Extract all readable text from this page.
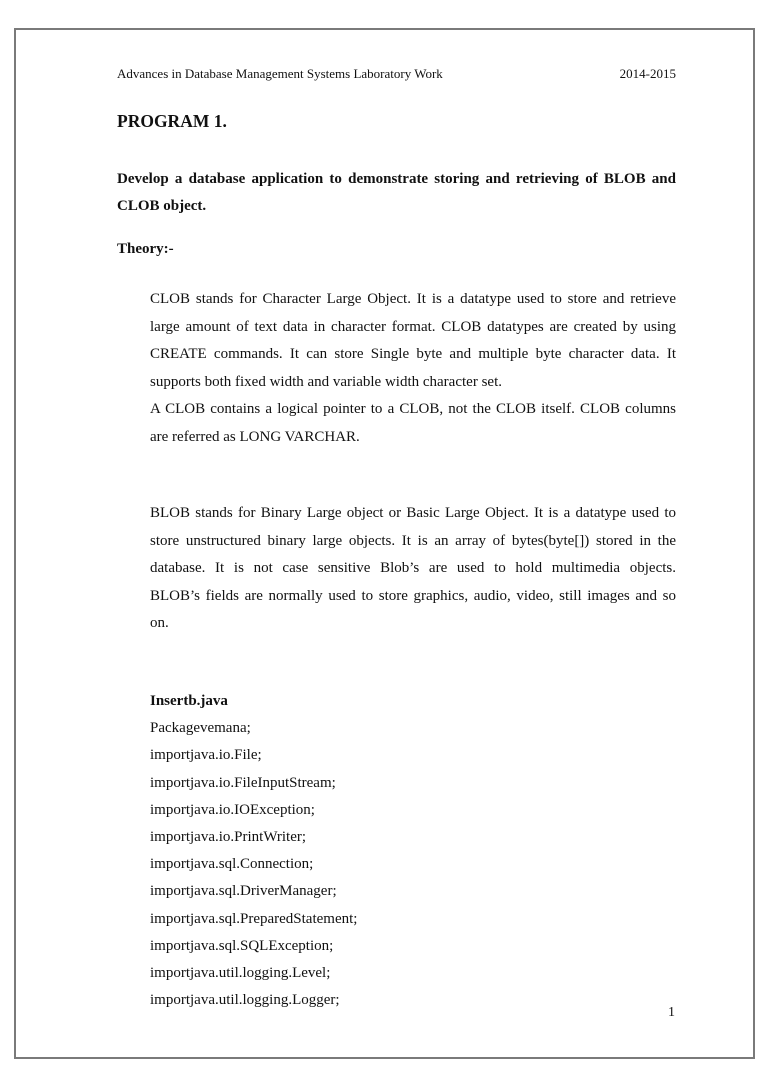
Advances in Database Management Systems Laboratory Work	2014-2015
PROGRAM 1.
Develop a database application to demonstrate storing and retrieving of BLOB and
CLOB object.
Theory:-
CLOB stands for Character Large Object. It is a datatype used to store and retrieve
large amount of text data in character format. CLOB datatypes are created by using
CREATE commands. It can store Single byte and multiple byte character data. It
supports both fixed width and variable width character set.
A CLOB contains a logical pointer to a CLOB, not the CLOB itself. CLOB columns
are referred as LONG VARCHAR.
BLOB stands for Binary Large object or Basic Large Object. It is a datatype used to
store unstructured binary large objects. It is an array of bytes(byte[]) stored in the
database. It is not case sensitive Blob’s are used to hold multimedia objects.
BLOB’s fields are normally used to store graphics, audio, video, still images and so
on.
Insertb.java
Packagevemana;
importjava.io.File;
importjava.io.FileInputStream;
importjava.io.IOException;
importjava.io.PrintWriter;
importjava.sql.Connection;
importjava.sql.DriverManager;
importjava.sql.PreparedStatement;
importjava.sql.SQLException;
importjava.util.logging.Level;
importjava.util.logging.Logger;
1
